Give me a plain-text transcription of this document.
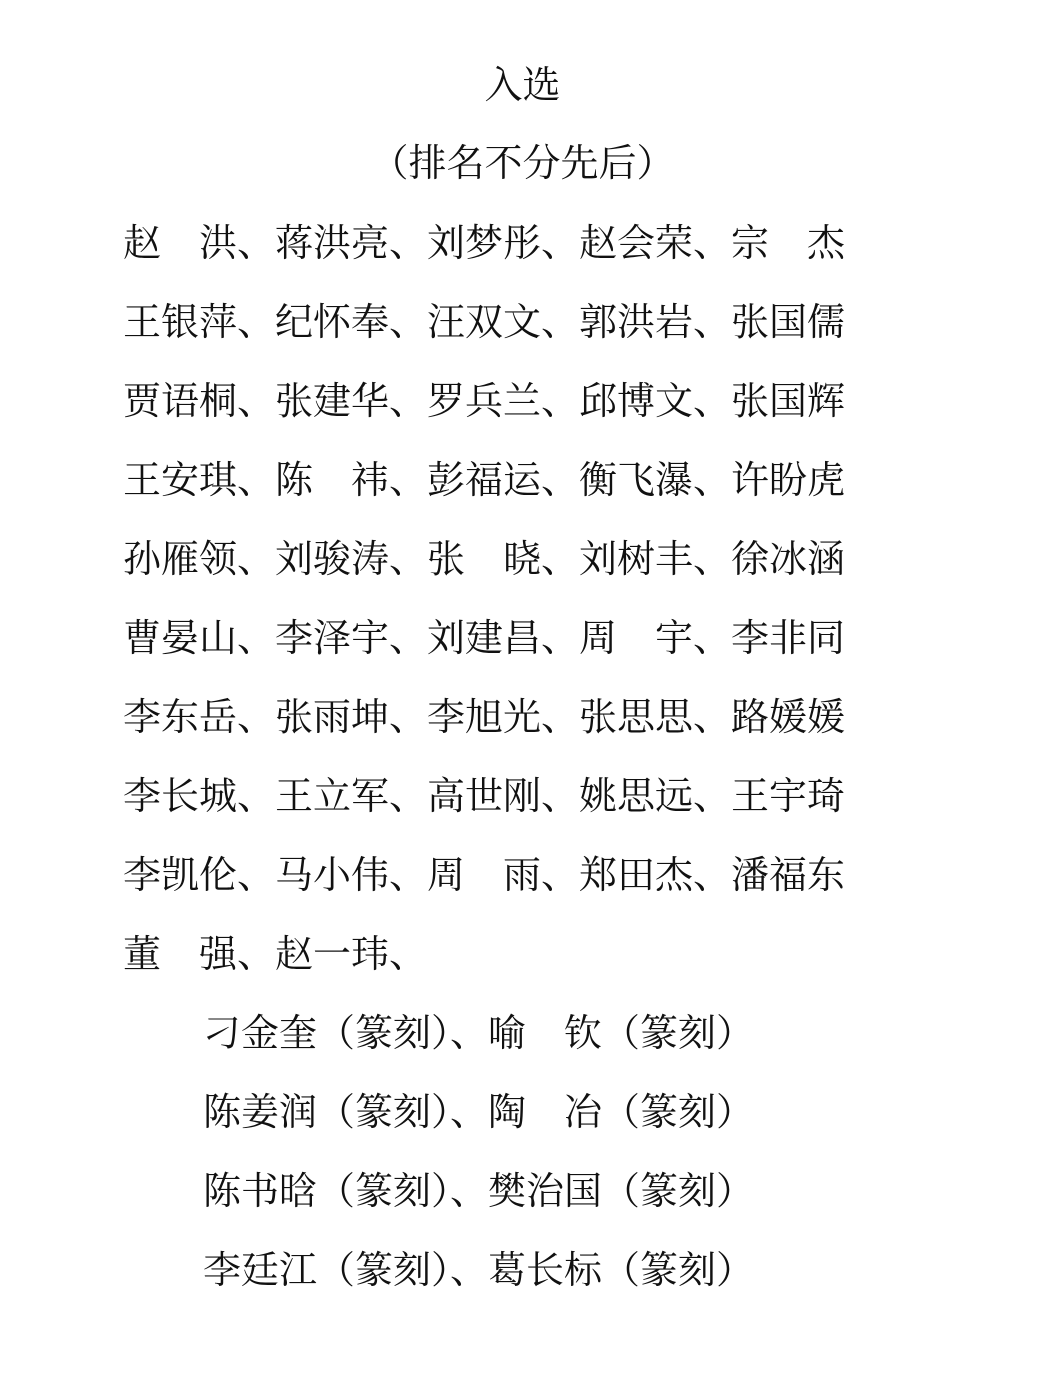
入选
（排名不分先后）

赵　洪、蒋洪亮、刘梦彤、赵会荣、宗　杰

王银萍、纪怀奉、汪双文、郭洪岩、张国儒

贾语桐、张建华、罗兵兰、邱博文、张国辉

王安琪、陈　祎、彭福运、衡飞瀑、许盼虎

孙雁领、刘骏涛、张　晓、刘树丰、徐冰涵

曹晏山、李泽宇、刘建昌、周　宇、李非同

李东岳、张雨坤、李旭光、张思思、路媛媛

李长城、王立军、高世刚、姚思远、王宇琦

李凯伦、马小伟、周　雨、郑田杰、潘福东

董　强、赵一玮、

刁金奎（篆刻）、喻　钦（篆刻）

陈姜润（篆刻）、陶　冶（篆刻）

陈书晗（篆刻）、樊治国（篆刻）

李廷江（篆刻）、葛长标（篆刻）
